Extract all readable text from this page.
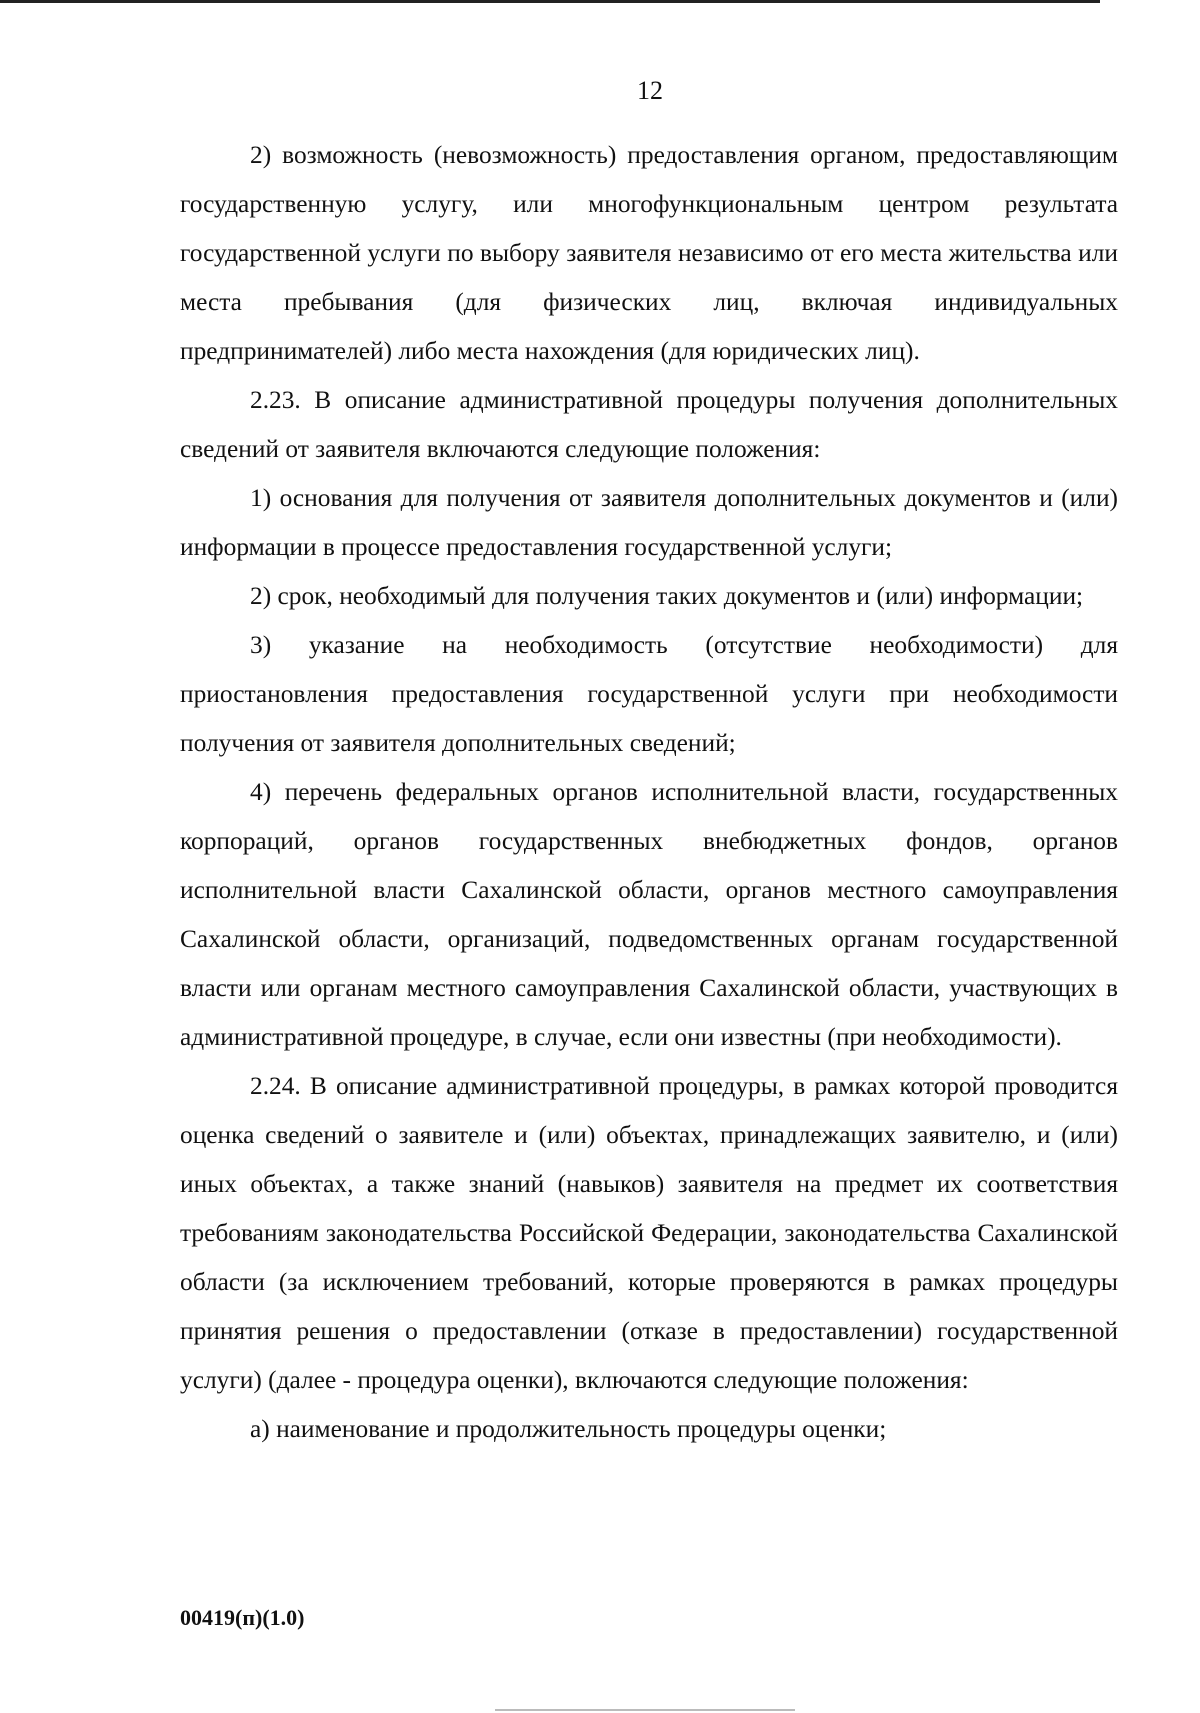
12

2) возможность (невозможность) предоставления органом, предоставляющим государственную услугу, или многофункциональным центром результата государственной услуги по выбору заявителя независимо от его места жительства или места пребывания (для физических лиц, включая индивидуальных предпринимателей) либо места нахождения (для юридических лиц).

2.23. В описание административной процедуры получения дополнительных сведений от заявителя включаются следующие положения:

1) основания для получения от заявителя дополнительных документов и (или) информации в процессе предоставления государственной услуги;

2) срок, необходимый для получения таких документов и (или) информации;

3) указание на необходимость (отсутствие необходимости) для приостановления предоставления государственной услуги при необходимости получения от заявителя дополнительных сведений;

4) перечень федеральных органов исполнительной власти, государственных корпораций, органов государственных внебюджетных фондов, органов исполнительной власти Сахалинской области, органов местного самоуправления Сахалинской области, организаций, подведомственных органам государственной власти или органам местного самоуправления Сахалинской области, участвующих в административной процедуре, в случае, если они известны (при необходимости).

2.24. В описание административной процедуры, в рамках которой проводится оценка сведений о заявителе и (или) объектах, принадлежащих заявителю, и (или) иных объектах, а также знаний (навыков) заявителя на предмет их соответствия требованиям законодательства Российской Федерации, законодательства Сахалинской области (за исключением требований, которые проверяются в рамках процедуры принятия решения о предоставлении (отказе в предоставлении) государственной услуги) (далее - процедура оценки), включаются следующие положения:

а) наименование и продолжительность процедуры оценки;

00419(п)(1.0)
